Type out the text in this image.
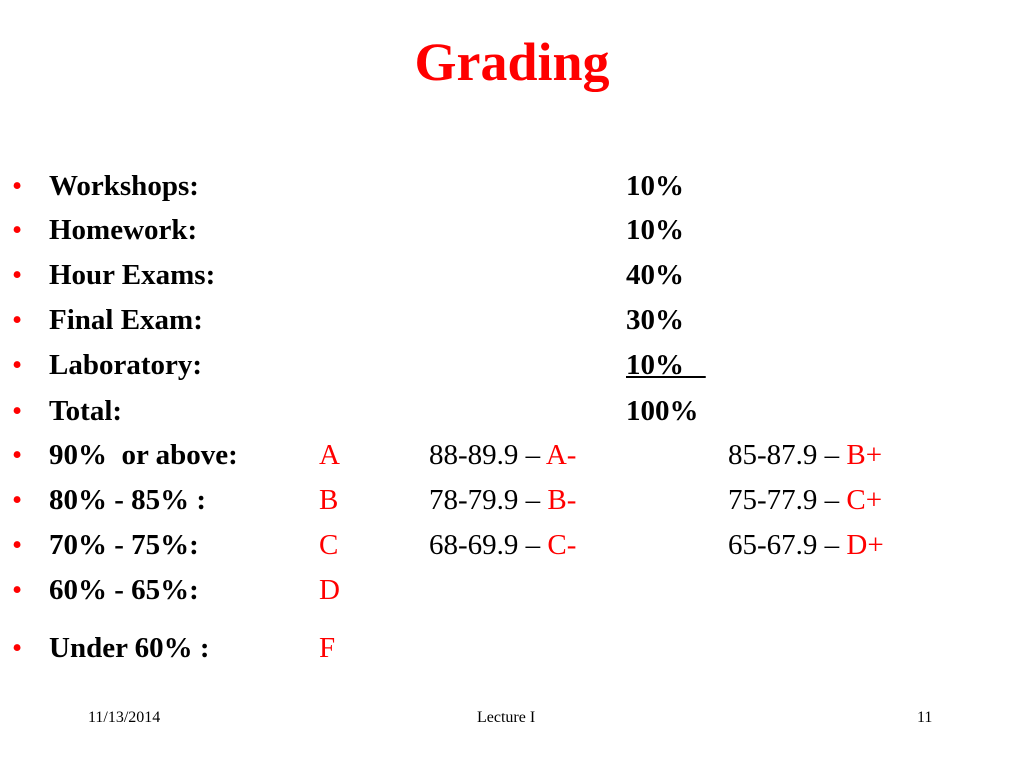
Grading
• Workshops:	10%
• Homework:	10%
• Hour Exams:	40%
• Final Exam:	30%
• Laboratory:	10%
• Total:	100%
• 90%  or above:	A	88-89.9 – A-	85-87.9 – B+
• 80% - 85% :	B	78-79.9 – B-	75-77.9 – C+
• 70% - 75%:	C	68-69.9 – C-	65-67.9 – D+
• 60% - 65%:	D
• Under 60% :	F
11/13/2014	Lecture I	11
